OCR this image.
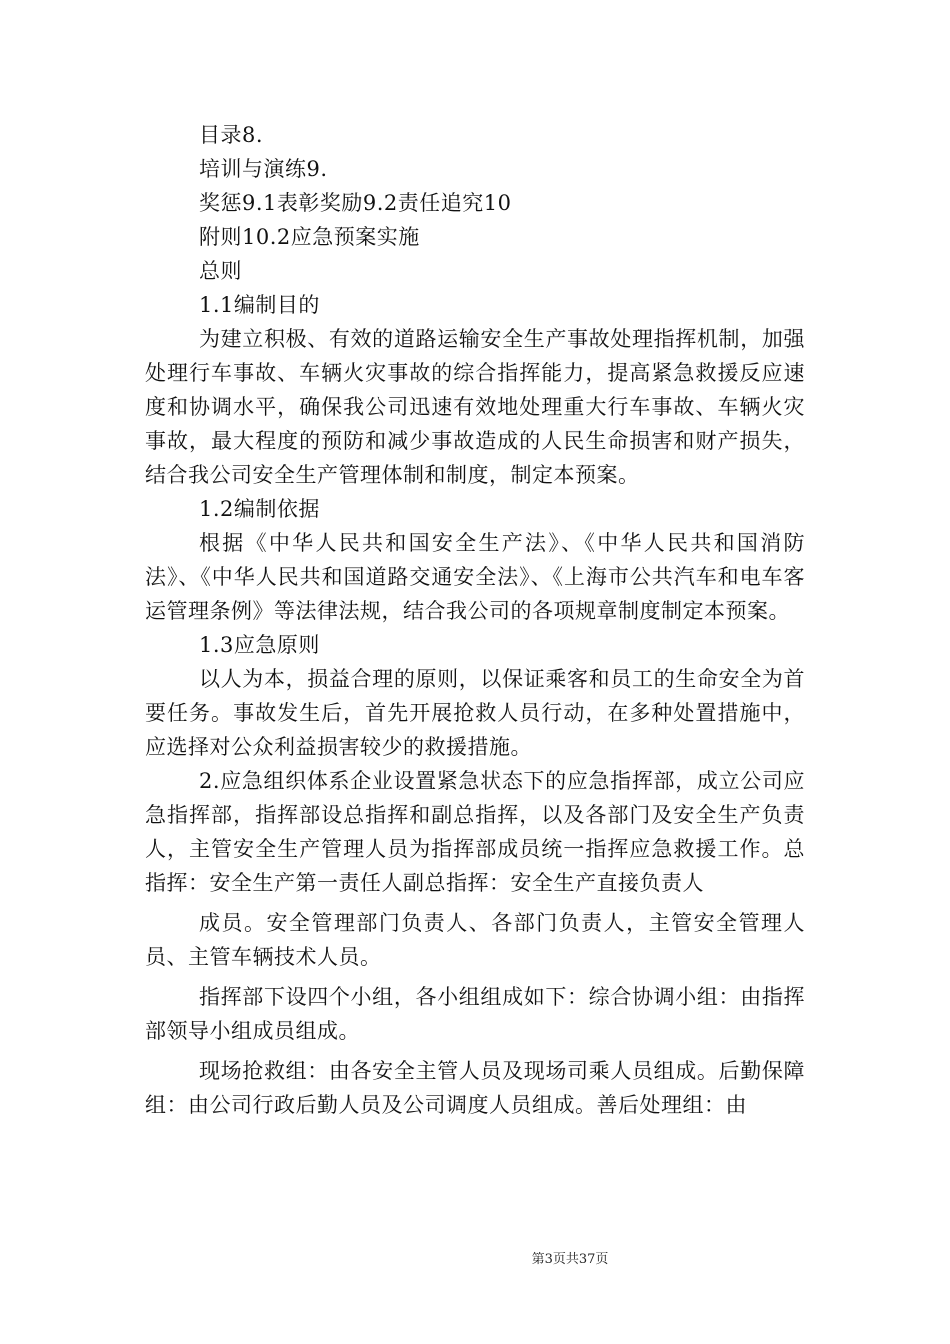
目录8.

培训与演练9.

奖惩9.1表彰奖励9.2责任追究10

附则10.2应急预案实施

总则

1.1编制目的

为建立积极、有效的道路运输安全生产事故处理指挥机制，加强处理行车事故、车辆火灾事故的综合指挥能力，提高紧急救援反应速度和协调水平，确保我公司迅速有效地处理重大行车事故、车辆火灾事故，最大程度的预防和减少事故造成的人民生命损害和财产损失，结合我公司安全生产管理体制和制度，制定本预案。

1.2编制依据

根据《中华人民共和国安全生产法》、《中华人民共和国消防法》、《中华人民共和国道路交通安全法》、《上海市公共汽车和电车客运管理条例》等法律法规，结合我公司的各项规章制度制定本预案。

1.3应急原则

以人为本，损益合理的原则，以保证乘客和员工的生命安全为首要任务。事故发生后，首先开展抢救人员行动，在多种处置措施中，应选择对公众利益损害较少的救援措施。

2.应急组织体系企业设置紧急状态下的应急指挥部，成立公司应急指挥部，指挥部设总指挥和副总指挥，以及各部门及安全生产负责人，主管安全生产管理人员为指挥部成员统一指挥应急救援工作。总指挥：安全生产第一责任人副总指挥：安全生产直接负责人

成员。安全管理部门负责人、各部门负责人，主管安全管理人员、主管车辆技术人员。

指挥部下设四个小组，各小组组成如下：综合协调小组：由指挥部领导小组成员组成。

现场抢救组：由各安全主管人员及现场司乘人员组成。后勤保障组：由公司行政后勤人员及公司调度人员组成。善后处理组：由

第3页共37页
